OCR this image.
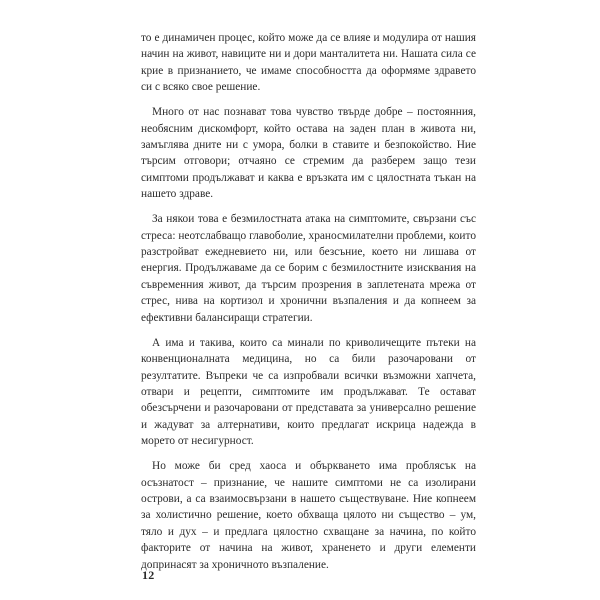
то е динамичен процес, който може да се влияе и модулира от нашия начин на живот, навиците ни и дори манталитета ни. Нашата сила се крие в признанието, че имаме способността да оформяме здравето си с всяко свое решение.

Много от нас познават това чувство твърде добре – постоянния, необясним дискомфорт, който остава на заден план в живота ни, замъглява дните ни с умора, болки в ставите и безпокойство. Ние търсим отговори; отчаяно се стремим да разберем защо тези симптоми продължават и каква е връзката им с цялостната тъкан на нашето здраве.

За някои това е безмилостната атака на симптомите, свързани със стреса: неотслабващо главоболие, храносмилателни проблеми, които разстройват ежедневието ни, или безсъние, което ни лишава от енергия. Продължаваме да се борим с безмилостните изисквания на съвременния живот, да търсим прозрения в заплетената мрежа от стрес, нива на кортизол и хронични възпаления и да копнеем за ефективни балансиращи стратегии.

А има и такива, които са минали по криволичещите пътеки на конвенционалната медицина, но са били разочаровани от резултатите. Въпреки че са изпробвали всички възможни хапчета, отвари и рецепти, симптомите им продължават. Те остават обезсърчени и разочаровани от представата за универсално решение и жадуват за алтернативи, които предлагат искрица надежда в морето от несигурност.

Но може би сред хаоса и объркването има проблясък на осъзнатост – признание, че нашите симптоми не са изолирани острови, а са взаимосвързани в нашето съществуване. Ние копнеем за холистично решение, което обхваща цялото ни същество – ум, тяло и дух – и предлага цялостно схващане за начина, по който факторите от начина на живот, храненето и други елементи допринасят за хроничното възпаление.

12
